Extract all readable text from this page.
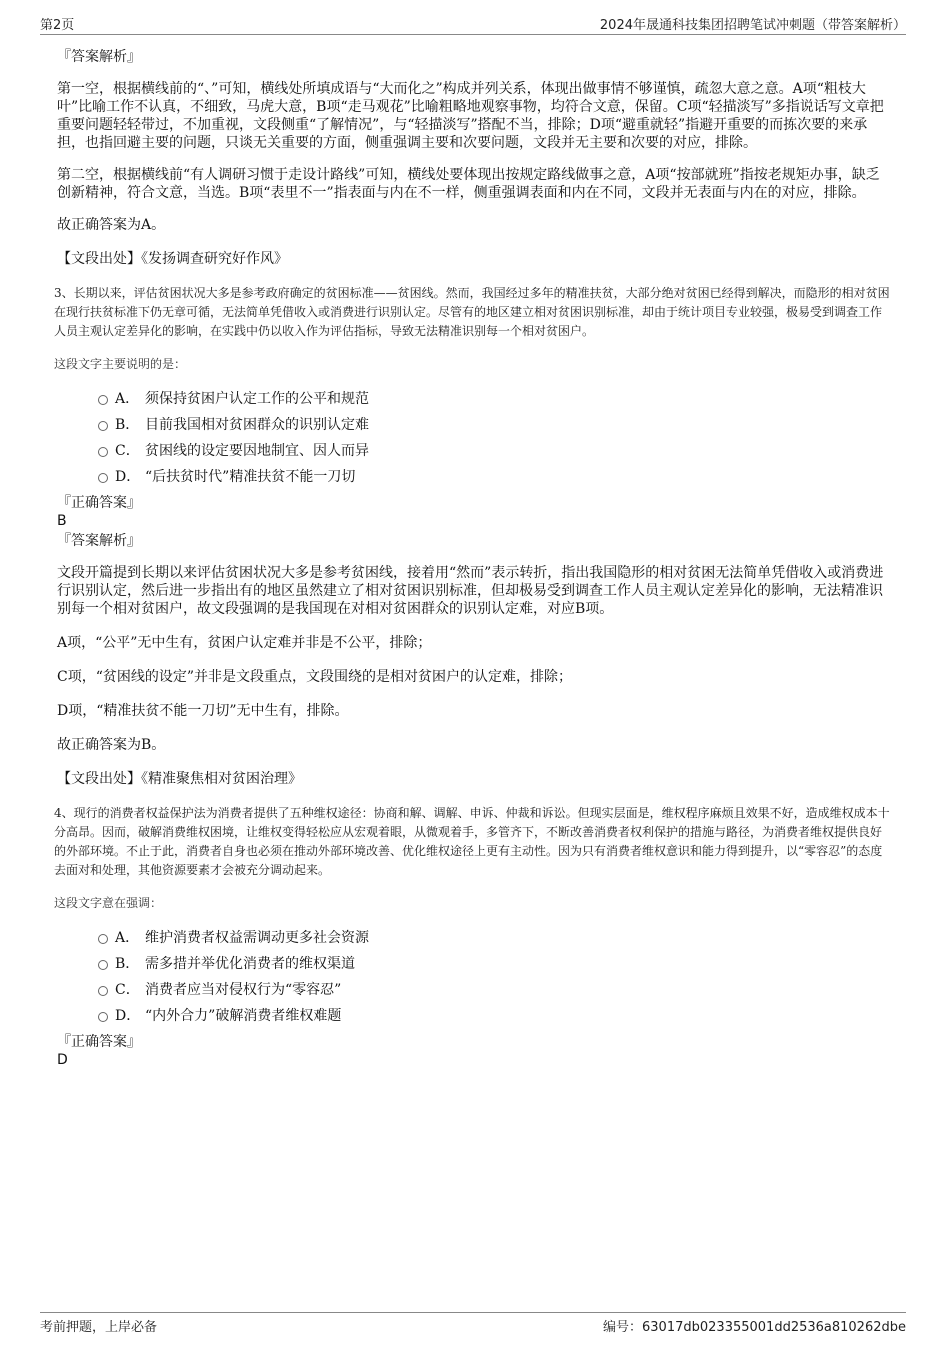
第2页	2024年晟通科技集团招聘笔试冲刺题（带答案解析）
『答案解析』

第一空，根据横线前的“、”可知，横线处所填成语与“大而化之”构成并列关系，体现出做事情不够谨慎，疏忽大意之意。A项“粗枝大叶”比喻工作不认真，不细致，马虎大意，B项“走马观花”比喻粗略地观察事物，均符合文意，保留。C项“轻描淡写”多指说话写文章把重要问题轻轻带过，不加重视，文段侧重“了解情况”，与“轻描淡写”搭配不当，排除；D项“避重就轻”指避开重要的而拣次要的来承担，也指回避主要的问题，只谈无关重要的方面，侧重强调主要和次要问题，文段并无主要和次要的对应，排除。

第二空，根据横线前“有人调研习惯于走设计路线”可知，横线处要体现出按规定路线做事之意，A项“按部就班”指按老规矩办事，缺乏创新精神，符合文意，当选。B项“表里不一”指表面与内在不一样，侧重强调表面和内在不同，文段并无表面与内在的对应，排除。

故正确答案为A。

【文段出处】《发扬调查研究好作风》

3、长期以来，评估贫困状况大多是参考政府确定的贫困标准——贫困线。然而，我国经过多年的精准扶贫，大部分绝对贫困已经得到解决，而隐形的相对贫困在现行扶贫标准下仍无章可循，无法简单凭借收入或消费进行识别认定。尽管有的地区建立相对贫困识别标准，却由于统计项目专业较强，极易受到调查工作人员主观认定差异化的影响，在实践中仍以收入作为评估指标，导致无法精准识别每一个相对贫困户。

这段文字主要说明的是：

A． 须保持贫困户认定工作的公平和规范
B． 目前我国相对贫困群众的识别认定难
C． 贫困线的设定要因地制宜、因人而异
D． “后扶贫时代”精准扶贫不能一刀切
『正确答案』
B
『答案解析』

文段开篇提到长期以来评估贫困状况大多是参考贫困线，接着用“然而”表示转折，指出我国隐形的相对贫困无法简单凭借收入或消费进行识别认定，然后进一步指出有的地区虽然建立了相对贫困识别标准，但却极易受到调查工作人员主观认定差异化的影响，无法精准识别每一个相对贫困户，故文段强调的是我国现在对相对贫困群众的识别认定难，对应B项。

A项，“公平”无中生有，贫困户认定难并非是不公平，排除；

C项，“贫困线的设定”并非是文段重点，文段围绕的是相对贫困户的认定难，排除；

D项，“精准扶贫不能一刀切”无中生有，排除。

故正确答案为B。

【文段出处】《精准聚焦相对贫困治理》

4、现行的消费者权益保护法为消费者提供了五种维权途径：协商和解、调解、申诉、仲裁和诉讼。但现实层面是，维权程序麻烦且效果不好，造成维权成本十分高昂。因而，破解消费维权困境，让维权变得轻松应从宏观着眼，从微观着手，多管齐下，不断改善消费者权利保护的措施与路径，为消费者维权提供良好的外部环境。不止于此，消费者自身也必须在推动外部环境改善、优化维权途径上更有主动性。因为只有消费者维权意识和能力得到提升，以“零容忍”的态度去面对和处理，其他资源要素才会被充分调动起来。

这段文字意在强调：

A． 维护消费者权益需调动更多社会资源
B． 需多措并举优化消费者的维权渠道
C． 消费者应当对侵权行为“零容忍”
D． “内外合力”破解消费者维权难题
『正确答案』
D
考前押题，上岸必备	编号：63017db023355001dd2536a810262dbe
